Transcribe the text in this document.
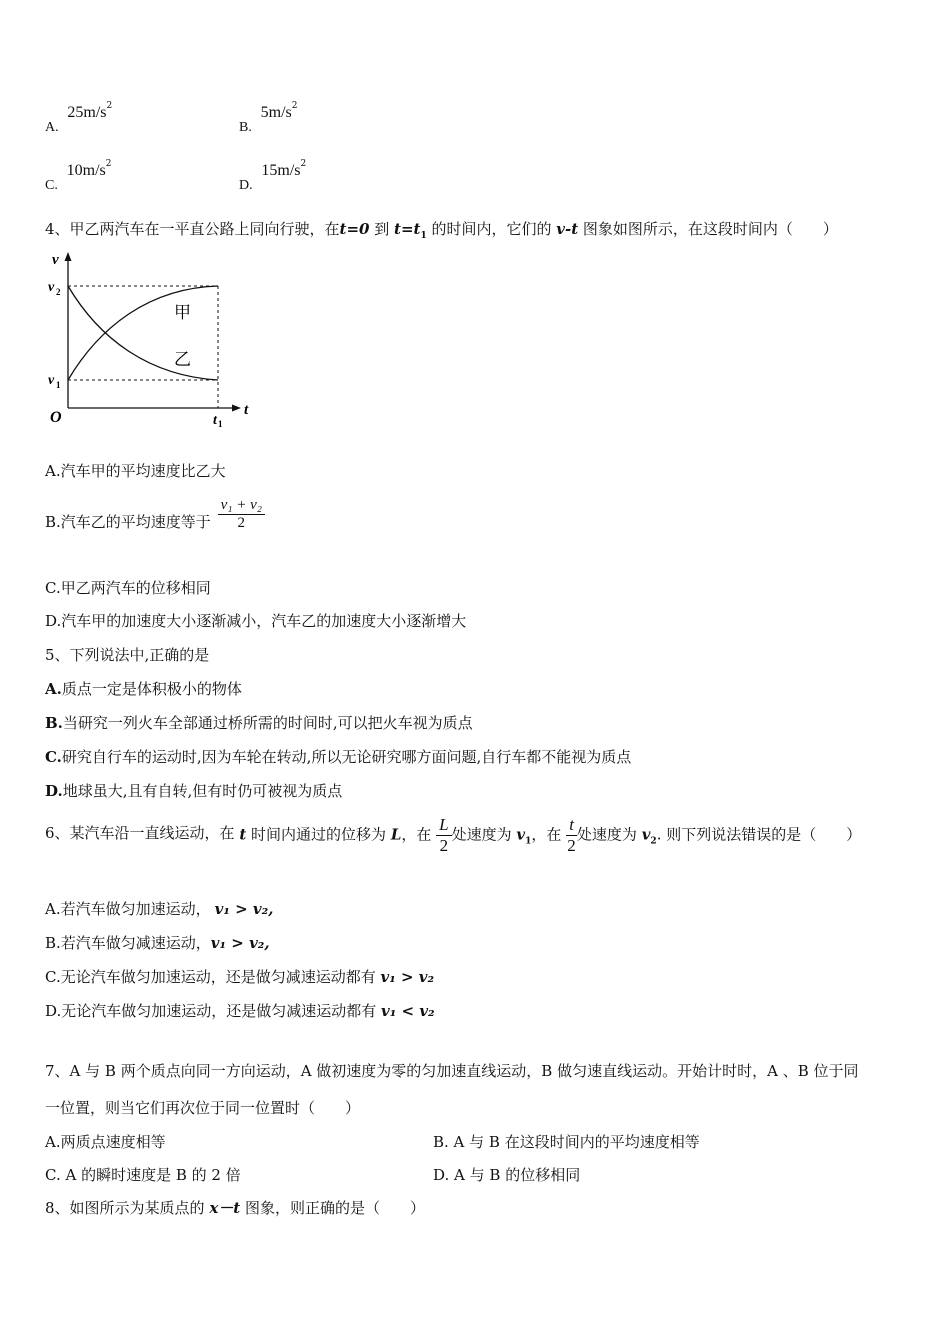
A. $25m/s^2$
B. $5m/s^2$
C. $10m/s^2$
D. $15m/s^2$
4、甲乙两汽车在一平直公路上同向行驶，在t=0 到 $t=t_1$ 的时间内，它们的 v-t 图象如图所示，在这段时间内（　　）
v
t
O
v 2
v 1
t 1
甲
乙
A.汽车甲的平均速度比乙大
B.汽车乙的平均速度等于 $\frac{\text{v₁ + v₂}}{2}$
C.甲乙两汽车的位移相同
D.汽车甲的加速度大小逐渐减小，汽车乙的加速度大小逐渐增大
5、下列说法中,正确的是
A.质点一定是体积极小的物体
B.当研究一列火车全部通过桥所需的时间时,可以把火车视为质点
C.研究自行车的运动时,因为车轮在转动,所以无论研究哪方面问题,自行车都不能视为质点
D.地球虽大,且有自转,但有时仍可被视为质点
6、某汽车沿一直线运动，在 t 时间内通过的位移为 L，在 $\frac{L}{2}$ 处速度为 $v_1$，在 $\frac{t}{2}$ 处速度为 $v_2$. 则下列说法错误的是（　　）
A.若汽车做匀加速运动， v₁ > v₂,
B.若汽车做匀减速运动，v₁ > v₂,
C.无论汽车做匀加速运动，还是做匀减速运动都有 v₁ > v₂
D.无论汽车做匀加速运动，还是做匀减速运动都有 v₁ < v₂
7、A 与 B 两个质点向同一方向运动，A 做初速度为零的匀加速直线运动，B 做匀速直线运动。开始计时时，A 、B 位于同
一位置，则当它们再次位于同一位置时（　　）
A.两质点速度相等	B. A 与 B 在这段时间内的平均速度相等
C. A 的瞬时速度是 B 的 2 倍	D. A 与 B 的位移相同
8、如图所示为某质点的 x－t 图象，则正确的是（　　）
